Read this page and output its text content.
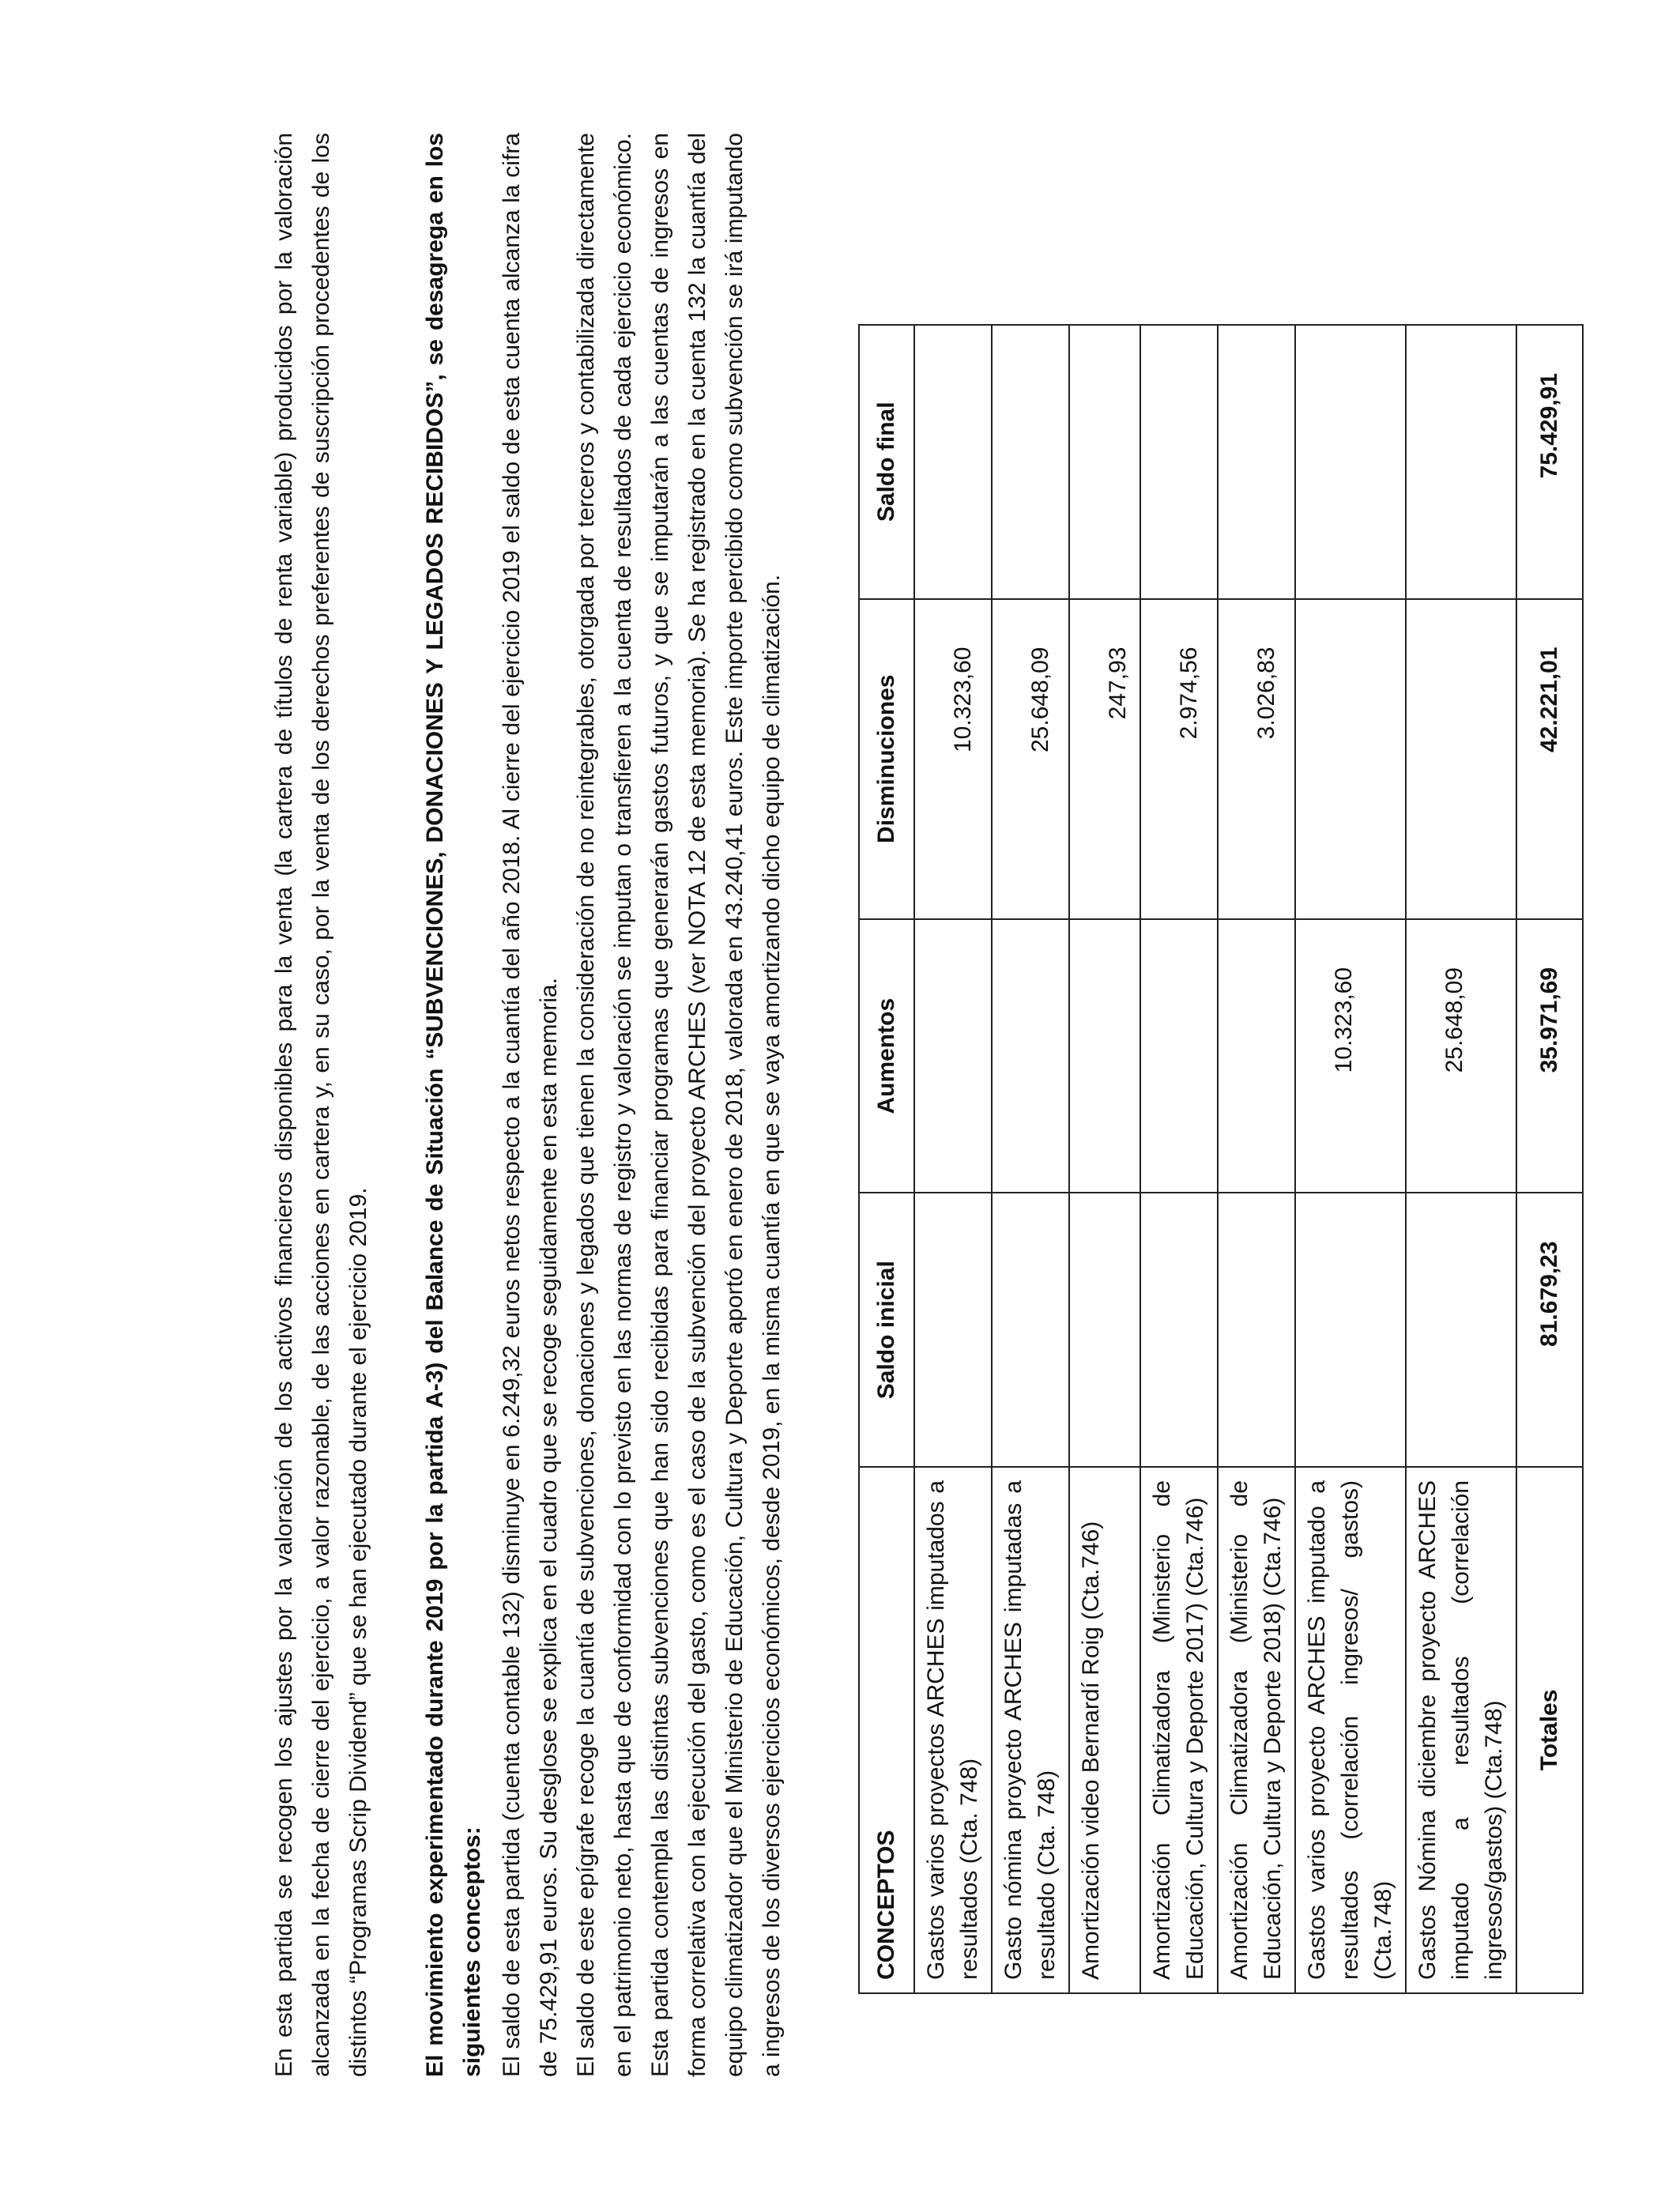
En esta partida se recogen los ajustes por la valoración de los activos financieros disponibles para la venta (la cartera de títulos de renta variable) producidos por la valoración alcanzada en la fecha de cierre del ejercicio, a valor razonable, de las acciones en cartera y, en su caso, por la venta de los derechos preferentes de suscripción procedentes de los distintos “Programas Scrip Dividend” que se han ejecutado durante el ejercicio 2019. El movimiento experimentado durante 2019 por la partida A-3) del Balance de Situación “SUBVENCIONES, DONACIONES Y LEGADOS RECIBIDOS”, se desagrega en los siguientes conceptos: El saldo de esta partida (cuenta contable 132) disminuye en 6.249,32 euros netos respecto a la cuantía del año 2018. Al cierre del ejercicio 2019 el saldo de esta cuenta alcanza la cifra de 75.429,91 euros. Su desglose se explica en el cuadro que se recoge seguidamente en esta memoria. El saldo de este epígrafe recoge la cuantía de subvenciones, donaciones y legados que tienen la consideración de no reintegrables, otorgada por terceros y contabilizada directamente en el patrimonio neto, hasta que de conformidad con lo previsto en las normas de registro y valoración se imputan o transfieren a la cuenta de resultados de cada ejercicio económico. Esta partida contempla las distintas subvenciones que han sido recibidas para financiar programas que generarán gastos futuros, y que se imputarán a las cuentas de ingresos en forma correlativa con la ejecución del gasto, como es el caso de la subvención del proyecto ARCHES (ver NOTA 12 de esta memoria). Se ha registrado en la cuenta 132 la cuantía del equipo climatizador que el Ministerio de Educación, Cultura y Deporte aportó en enero de 2018, valorada en 43.240,41 euros. Este importe percibido como subvención se irá imputando a ingresos de los diversos ejercicios económicos, desde 2019, en la misma cuantía en que se vaya amortizando dicho equipo de climatización.	CONCEPTOS	Saldo inicial	Aumentos	Disminuciones	Saldo final
Gastos varios proyectos ARCHES imputados a resultados (Cta. 748)			10.323,60	
Gasto nómina proyecto ARCHES imputadas a resultado (Cta. 748)			25.648,09	
Amortización video Bernardí Roig (Cta.746)			247,93	
Amortización Climatizadora (Ministerio de Educación, Cultura y Deporte 2017) (Cta.746)			2.974,56	
Amortización Climatizadora (Ministerio de Educación, Cultura y Deporte 2018) (Cta.746)			3.026,83	
Gastos varios proyecto ARCHES imputado a resultados (correlación ingresos/ gastos) (Cta.748)		10.323,60		
Gastos Nómina diciembre proyecto ARCHES imputado a resultados (correlación ingresos/gastos) (Cta.748)		25.648,09		
Totales	81.679,23	35.971,69	42.221,01	75.429,91
